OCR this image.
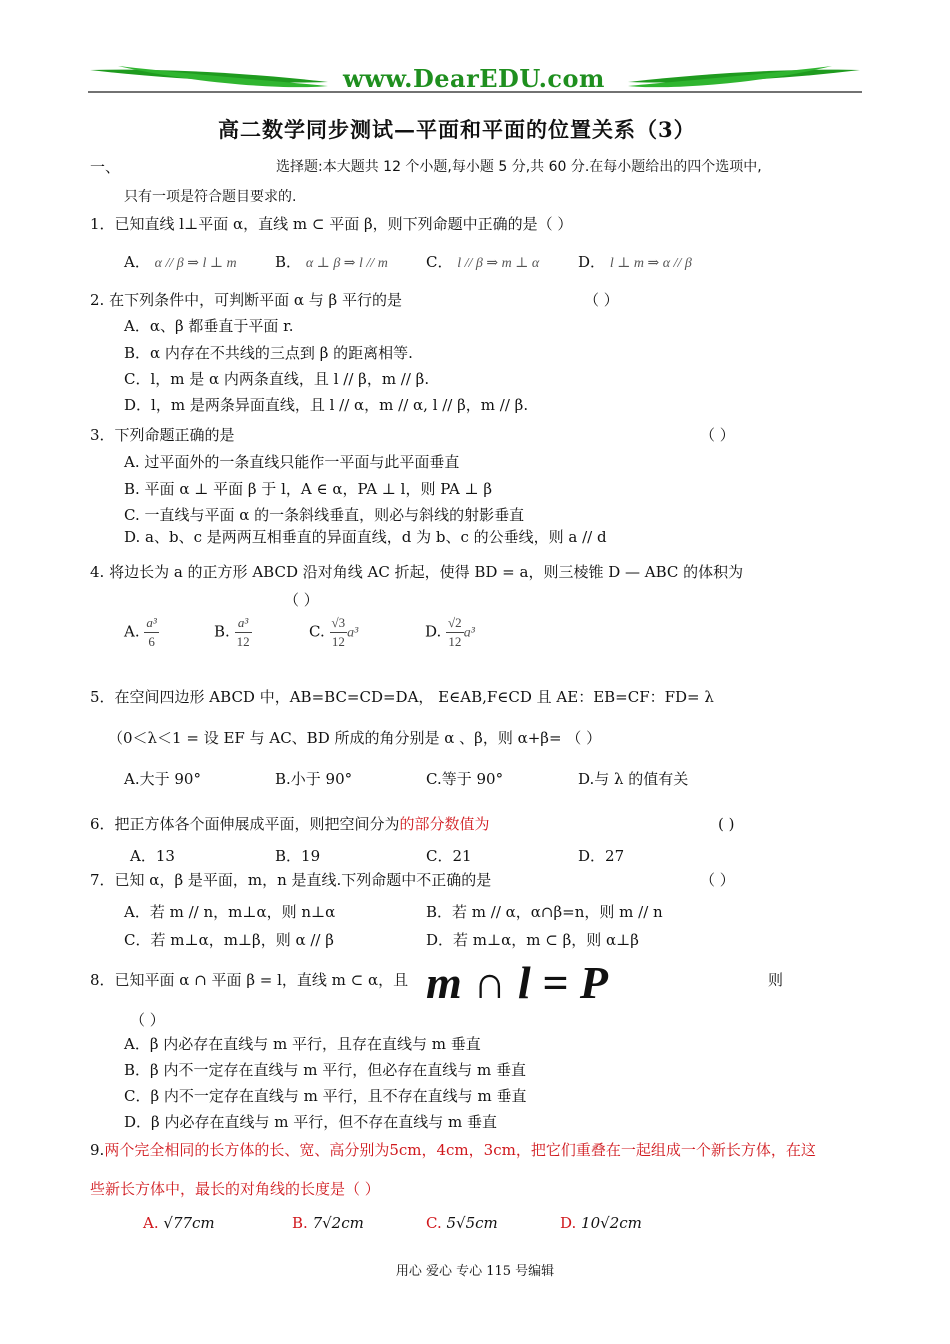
www.DearEDU.com
高二数学同步测试—平面和平面的位置关系（3）
一、	选择题:本大题共 12 个小题,每小题 5 分,共 60 分.在每小题给出的四个选项中,
只有一项是符合题目要求的.
1．已知直线 l⊥平面 α，直线 m ⊂ 平面 β，则下列命题中正确的是（ ）
A． α // β ⇒ l ⊥ m	B． α ⊥ β ⇒ l // m	C． l // β ⇒ m ⊥ α	D． l ⊥ m ⇒ α // β
2. 在下列条件中，可判断平面 α 与 β 平行的是	（ ）
A．α、β 都垂直于平面 r.
B．α 内存在不共线的三点到 β 的距离相等.
C．l，m 是 α 内两条直线，且 l // β，m // β.
D．l，m 是两条异面直线，且 l // α，m // α, l // β，m // β.
3．下列命题正确的是	（ ）
A. 过平面外的一条直线只能作一平面与此平面垂直
B. 平面 α ⊥ 平面 β 于 l，A ∈ α，PA ⊥ l，则 PA ⊥ β
C. 一直线与平面 α 的一条斜线垂直，则必与斜线的射影垂直
D. a、b、c 是两两互相垂直的异面直线，d 为 b、c 的公垂线，则 a // d
4. 将边长为 a 的正方形 ABCD 沿对角线 AC 折起，使得 BD = a，则三棱锥 D — ABC 的体积为
（ ）
A. $\frac{\text{a³}}{6}$	B. $\frac{\text{a³}}{12}$	C. $\frac{√3}{12} a^3$	D. $\frac{√2}{12} a^3$
5．在空间四边形 ABCD 中，AB=BC=CD=DA， E∈AB,F∈CD 且 AE：EB=CF：FD= λ
（0＜λ＜1 = 设 EF 与 AC、BD 所成的角分别是 α 、β，则 α+β= （ ）
A.大于 90°	B.小于 90°	C.等于 90°	D.与 λ 的值有关
6．把正方体各个面伸展成平面，则把空间分为的部分数值为	( )
A．13	B．19	C．21	D．27
7．已知 α，β 是平面，m，n 是直线.下列命题中不正确的是	（ ）
A．若 m // n，m⊥α，则 n⊥α	B．若 m // α，α∩β=n，则 m // n
C．若 m⊥α，m⊥β，则 α // β	D．若 m⊥α，m ⊂ β，则 α⊥β
8．已知平面 α ∩ 平面 β = l，直线 m ⊂ α，且 m ∩ l = P	则
（ ）
A．β 内必存在直线与 m 平行，且存在直线与 m 垂直
B．β 内不一定存在直线与 m 平行，但必存在直线与 m 垂直
C．β 内不一定存在直线与 m 平行，且不存在直线与 m 垂直
D．β 内必存在直线与 m 平行，但不存在直线与 m 垂直
9.两个完全相同的长方体的长、宽、高分别为5cm，4cm，3cm，把它们重叠在一起组成一个新长方体，在这
些新长方体中，最长的对角线的长度是（ ）
A. √77cm	B. 7√2cm	C. 5√5cm	D. 10√2cm
用心 爱心 专心 115 号编辑
